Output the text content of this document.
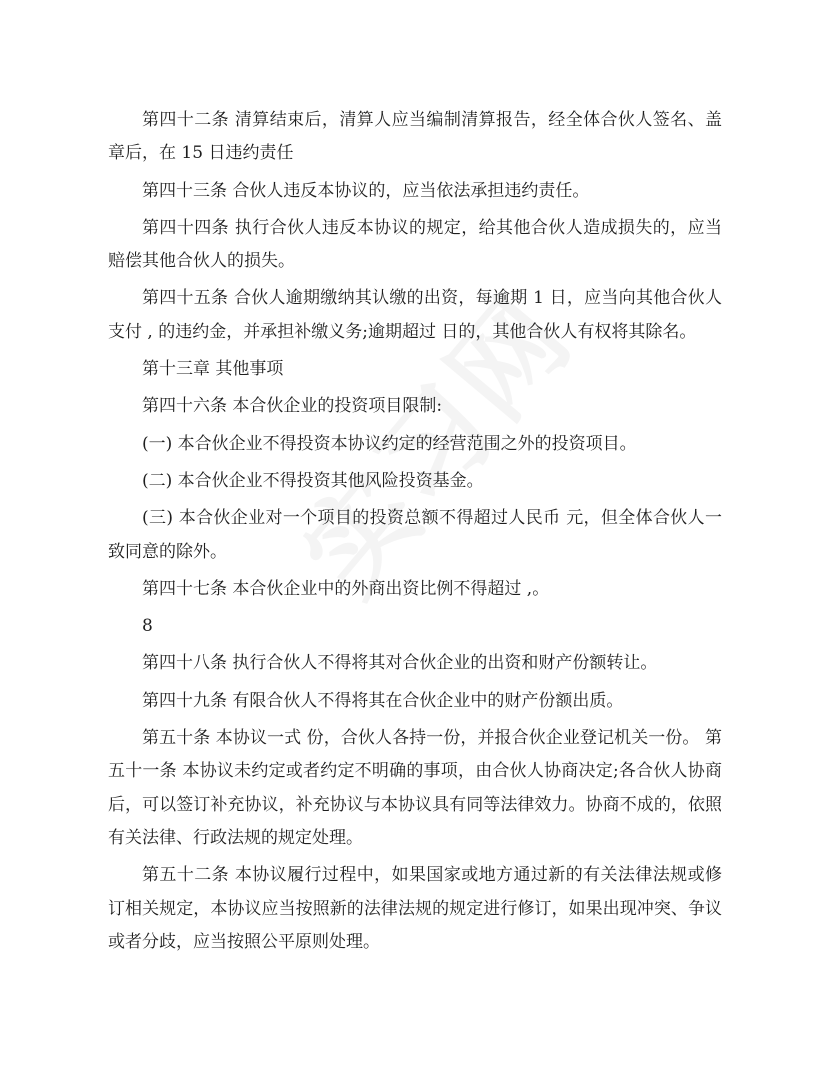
第四十二条 清算结束后，清算人应当编制清算报告，经全体合伙人签名、盖章后，在 15 日违约责任

第四十三条 合伙人违反本协议的，应当依法承担违约责任。

第四十四条 执行合伙人违反本协议的规定，给其他合伙人造成损失的，应当赔偿其他合伙人的损失。

第四十五条 合伙人逾期缴纳其认缴的出资，每逾期 1 日，应当向其他合伙人支付 , 的违约金，并承担补缴义务;逾期超过 日的，其他合伙人有权将其除名。

第十三章 其他事项

第四十六条 本合伙企业的投资项目限制:

(一) 本合伙企业不得投资本协议约定的经营范围之外的投资项目。

(二) 本合伙企业不得投资其他风险投资基金。

(三) 本合伙企业对一个项目的投资总额不得超过人民币 元，但全体合伙人一致同意的除外。

第四十七条 本合伙企业中的外商出资比例不得超过 ,。

8

第四十八条 执行合伙人不得将其对合伙企业的出资和财产份额转让。

第四十九条 有限合伙人不得将其在合伙企业中的财产份额出质。

第五十条 本协议一式 份，合伙人各持一份，并报合伙企业登记机关一份。 第五十一条 本协议未约定或者约定不明确的事项，由合伙人协商决定;各合伙人协商后，可以签订补充协议，补充协议与本协议具有同等法律效力。协商不成的，依照有关法律、行政法规的规定处理。

第五十二条 本协议履行过程中，如果国家或地方通过新的有关法律法规或修订相关规定，本协议应当按照新的法律法规的规定进行修订，如果出现冲突、争议或者分歧，应当按照公平原则处理。
